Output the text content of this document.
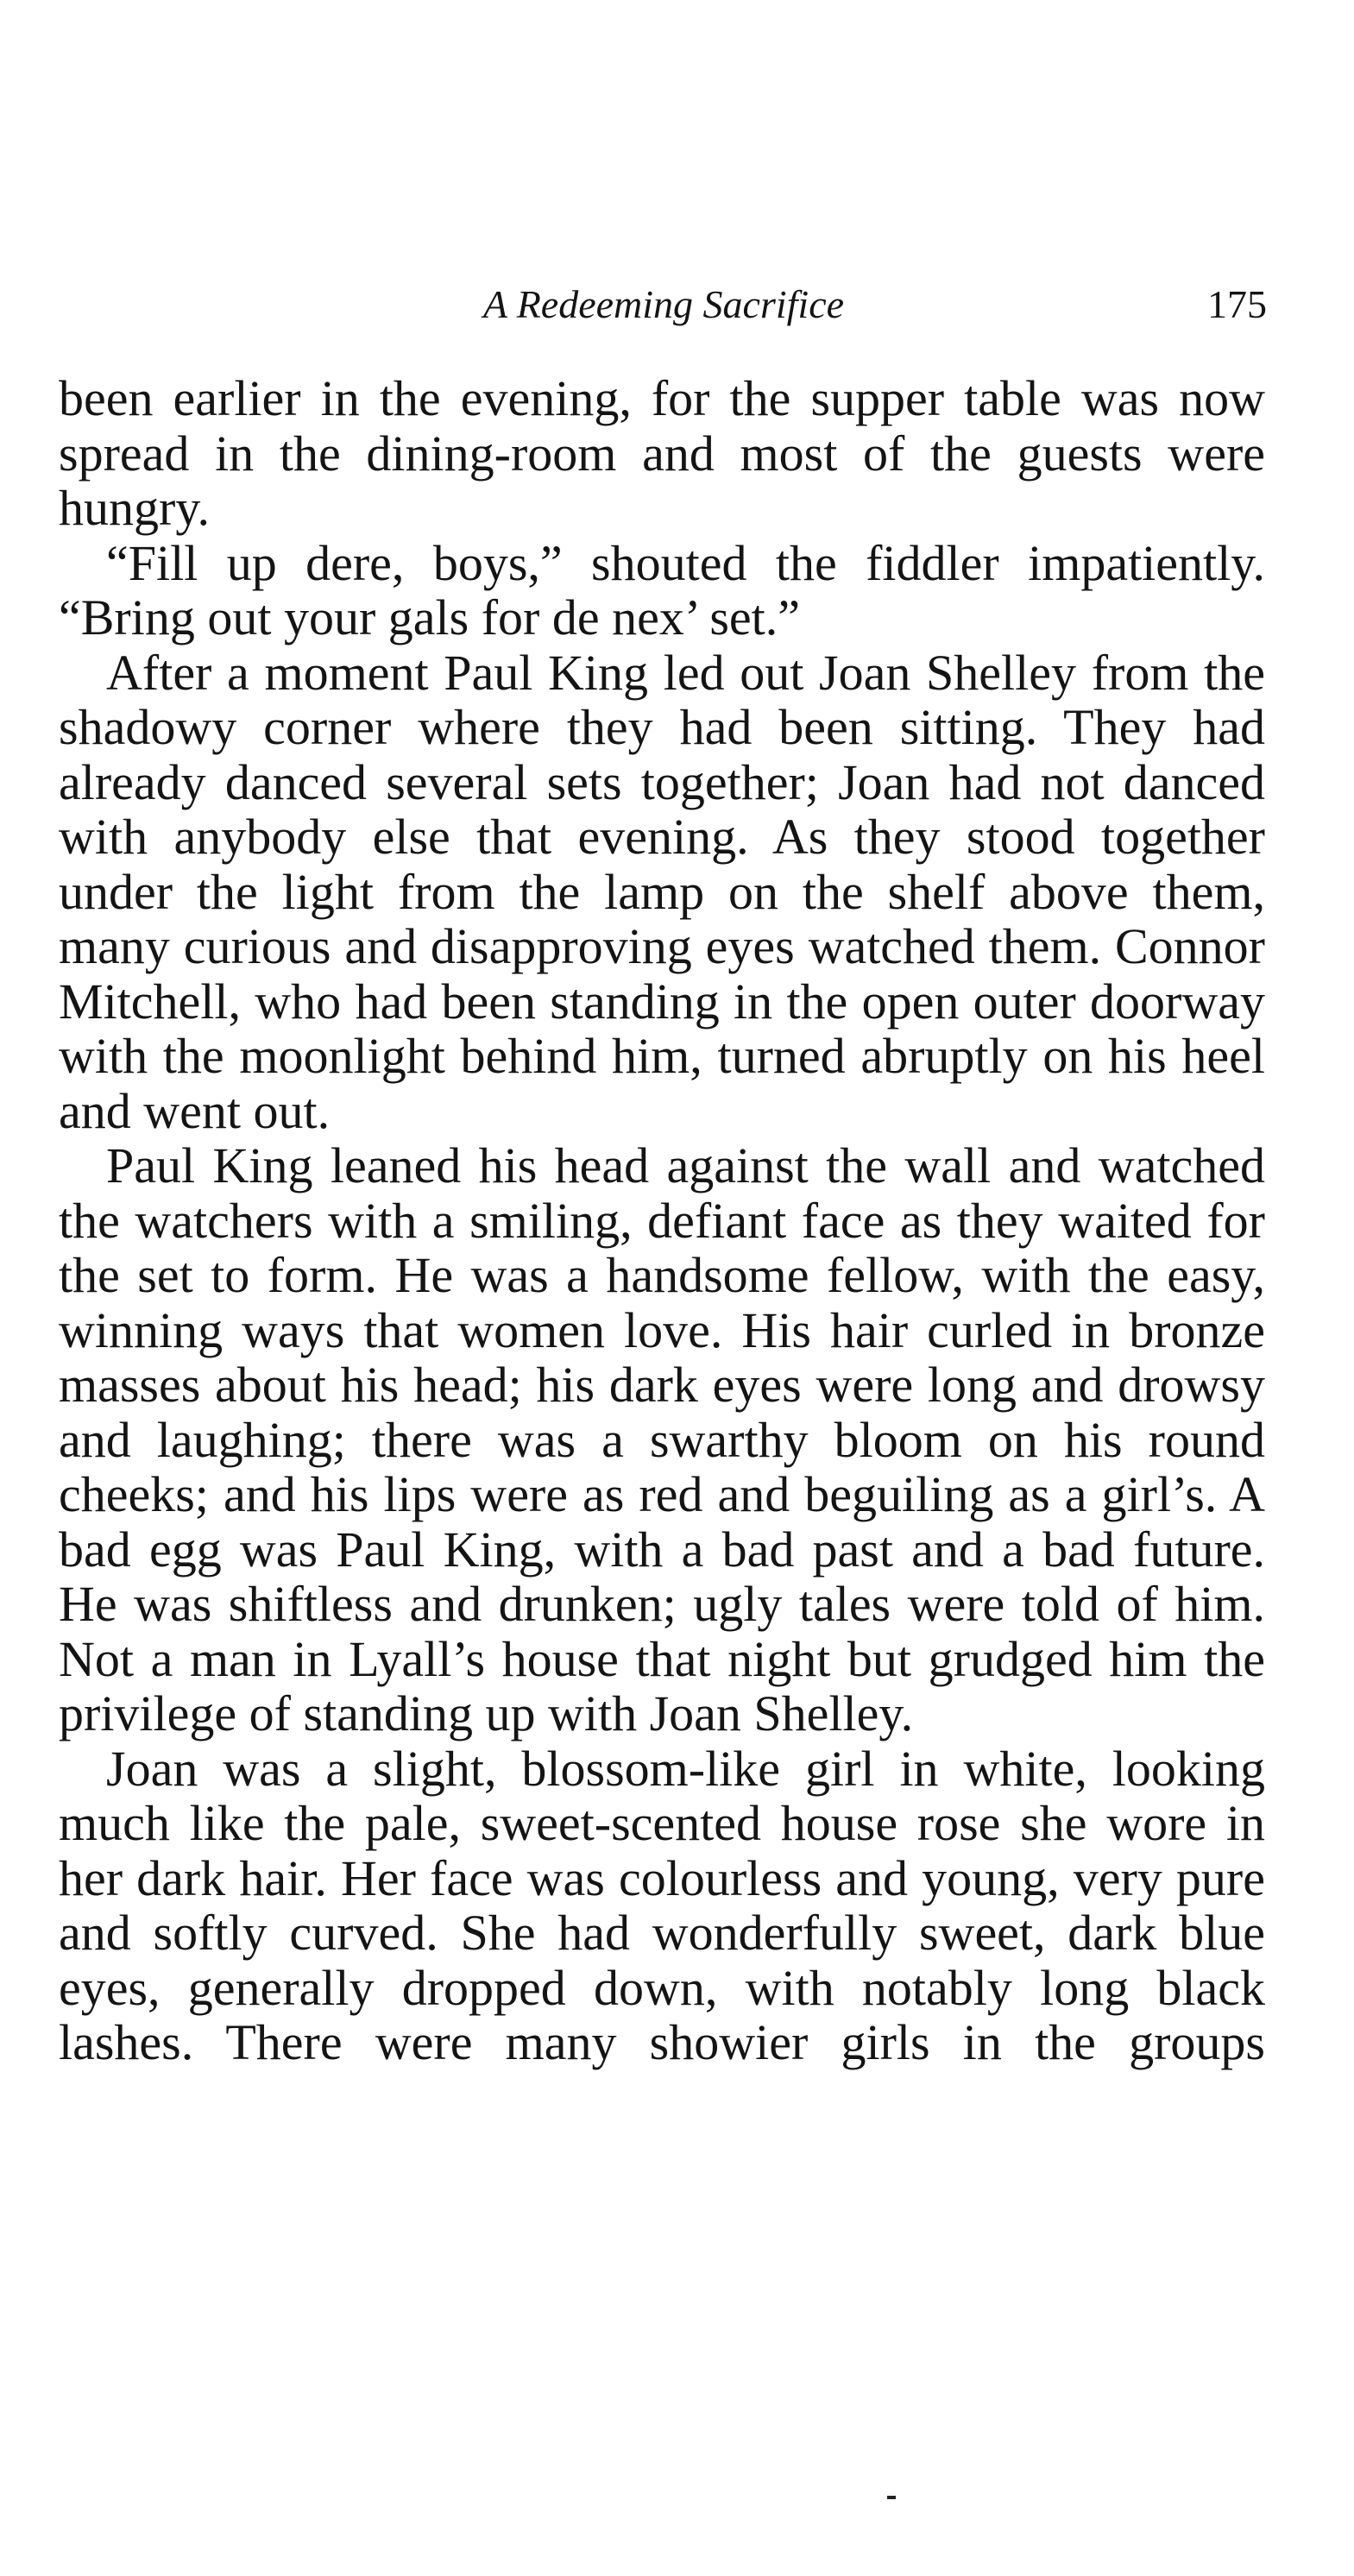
A Redeeming Sacrifice	175

been earlier in the evening, for the supper table was now spread in the dining-room and most of the guests were hungry.

“Fill up dere, boys,” shouted the fiddler impatiently. “Bring out your gals for de nex’ set.”

After a moment Paul King led out Joan Shelley from the shadowy corner where they had been sitting. They had already danced several sets together; Joan had not danced with anybody else that evening. As they stood together under the light from the lamp on the shelf above them, many curious and disapproving eyes watched them. Connor Mitchell, who had been standing in the open outer doorway with the moonlight behind him, turned abruptly on his heel and went out.

Paul King leaned his head against the wall and watched the watchers with a smiling, defiant face as they waited for the set to form. He was a handsome fellow, with the easy, winning ways that women love. His hair curled in bronze masses about his head; his dark eyes were long and drowsy and laughing; there was a swarthy bloom on his round cheeks; and his lips were as red and beguiling as a girl’s. A bad egg was Paul King, with a bad past and a bad future. He was shiftless and drunken; ugly tales were told of him. Not a man in Lyall’s house that night but grudged him the privilege of standing up with Joan Shelley.

Joan was a slight, blossom-like girl in white, looking much like the pale, sweet-scented house rose she wore in her dark hair. Her face was colourless and young, very pure and softly curved. She had wonderfully sweet, dark blue eyes, generally dropped down, with notably long black lashes. There were many showier girls in the groups
